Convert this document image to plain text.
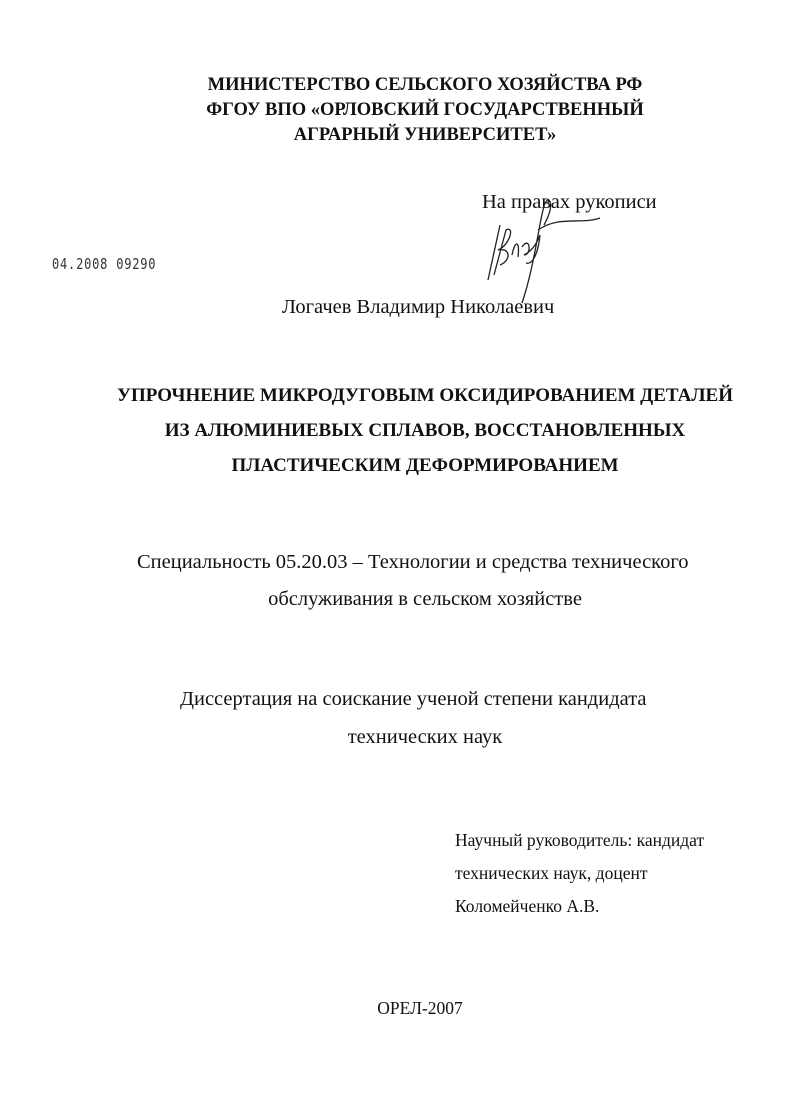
МИНИСТЕРСТВО СЕЛЬСКОГО ХОЗЯЙСТВА РФ
ФГОУ ВПО «ОРЛОВСКИЙ ГОСУДАРСТВЕННЫЙ
АГРАРНЫЙ УНИВЕРСИТЕТ»
На правах рукописи
04.2008 09290
Логачев Владимир Николаевич
УПРОЧНЕНИЕ МИКРОДУГОВЫМ ОКСИДИРОВАНИЕМ ДЕТАЛЕЙ
ИЗ АЛЮМИНИЕВЫХ СПЛАВОВ, ВОССТАНОВЛЕННЫХ
ПЛАСТИЧЕСКИМ ДЕФОРМИРОВАНИЕМ
Специальность 05.20.03 – Технологии и средства технического
обслуживания в сельском хозяйстве
Диссертация на соискание ученой степени кандидата
технических наук
Научный руководитель: кандидат
технических наук, доцент
Коломейченко А.В.
ОРЕЛ-2007
